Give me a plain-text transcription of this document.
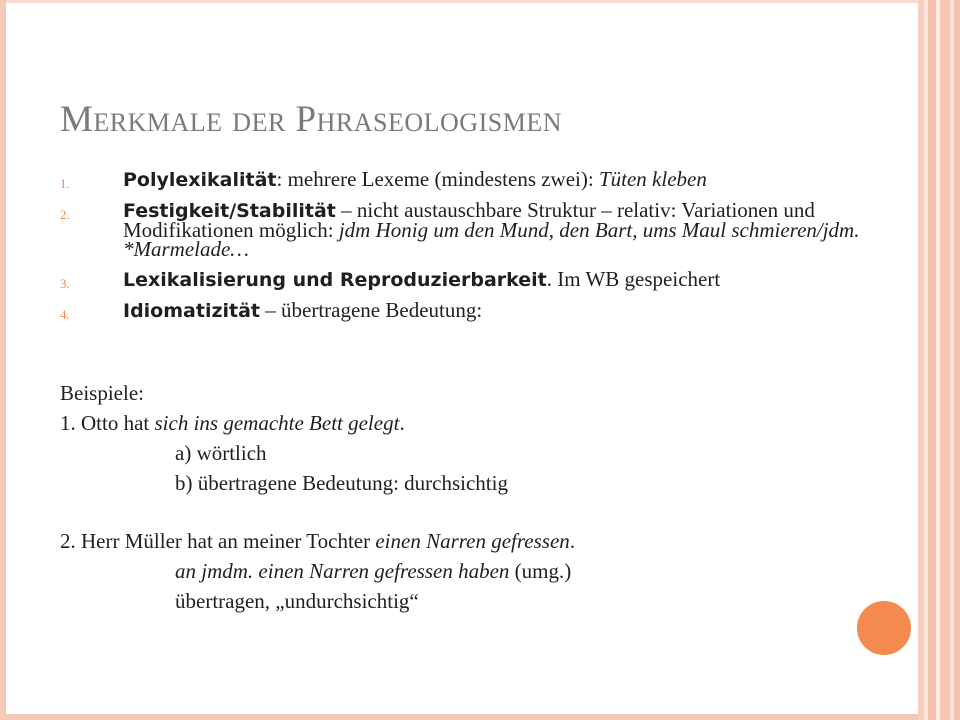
Merkmale der Phraseologismen
1.	Polylexikalität: mehrere Lexeme (mindestens zwei): Tüten kleben
2.	Festigkeit/Stabilität – nicht austauschbare Struktur – relativ: Variationen und Modifikationen möglich: jdm Honig um den Mund, den Bart, ums Maul schmieren/jdm. *Marmelade…
3.	Lexikalisierung und Reproduzierbarkeit. Im WB gespeichert
4.	Idiomatizität – übertragene Bedeutung:
Beispiele:
1. Otto hat sich ins gemachte Bett gelegt.
a) wörtlich
b) übertragene Bedeutung: durchsichtig
2. Herr Müller hat an meiner Tochter einen Narren gefressen.
an jmdm. einen Narren gefressen haben (umg.)
übertragen, „undurchsichtig“
